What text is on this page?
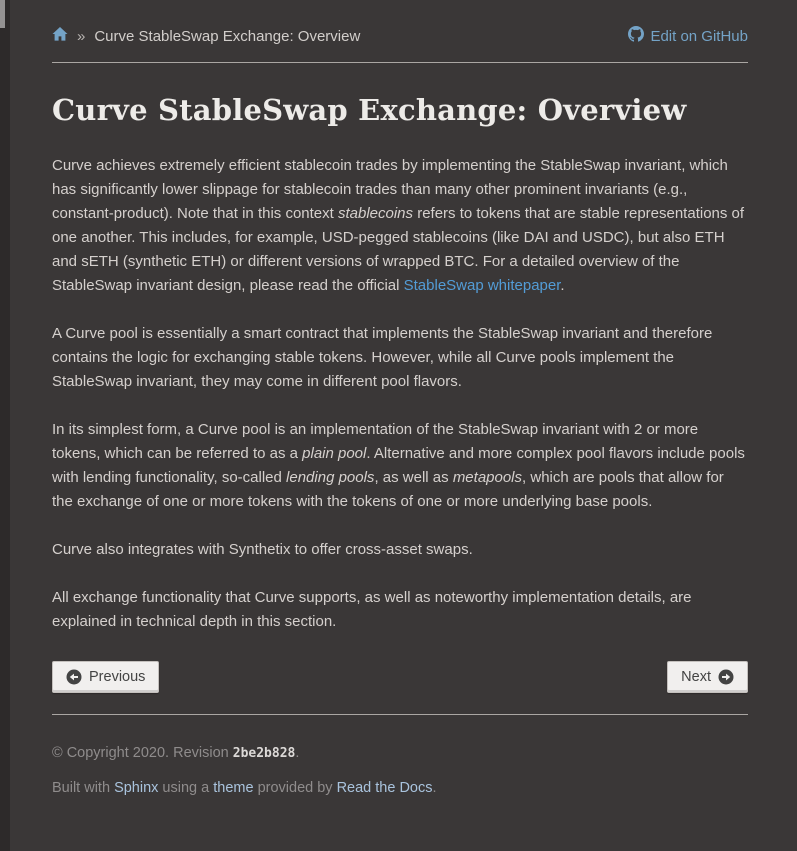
» Curve StableSwap Exchange: Overview	Edit on GitHub
Curve StableSwap Exchange: Overview

Curve achieves extremely efficient stablecoin trades by implementing the StableSwap invariant, which has significantly lower slippage for stablecoin trades than many other prominent invariants (e.g., constant-product). Note that in this context stablecoins refers to tokens that are stable representations of one another. This includes, for example, USD-pegged stablecoins (like DAI and USDC), but also ETH and sETH (synthetic ETH) or different versions of wrapped BTC. For a detailed overview of the StableSwap invariant design, please read the official StableSwap whitepaper.

A Curve pool is essentially a smart contract that implements the StableSwap invariant and therefore contains the logic for exchanging stable tokens. However, while all Curve pools implement the StableSwap invariant, they may come in different pool flavors.

In its simplest form, a Curve pool is an implementation of the StableSwap invariant with 2 or more tokens, which can be referred to as a plain pool. Alternative and more complex pool flavors include pools with lending functionality, so-called lending pools, as well as metapools, which are pools that allow for the exchange of one or more tokens with the tokens of one or more underlying base pools.

Curve also integrates with Synthetix to offer cross-asset swaps.

All exchange functionality that Curve supports, as well as noteworthy implementation details, are explained in technical depth in this section.

Previous	Next
© Copyright 2020. Revision 2be2b828.
Built with Sphinx using a theme provided by Read the Docs.
